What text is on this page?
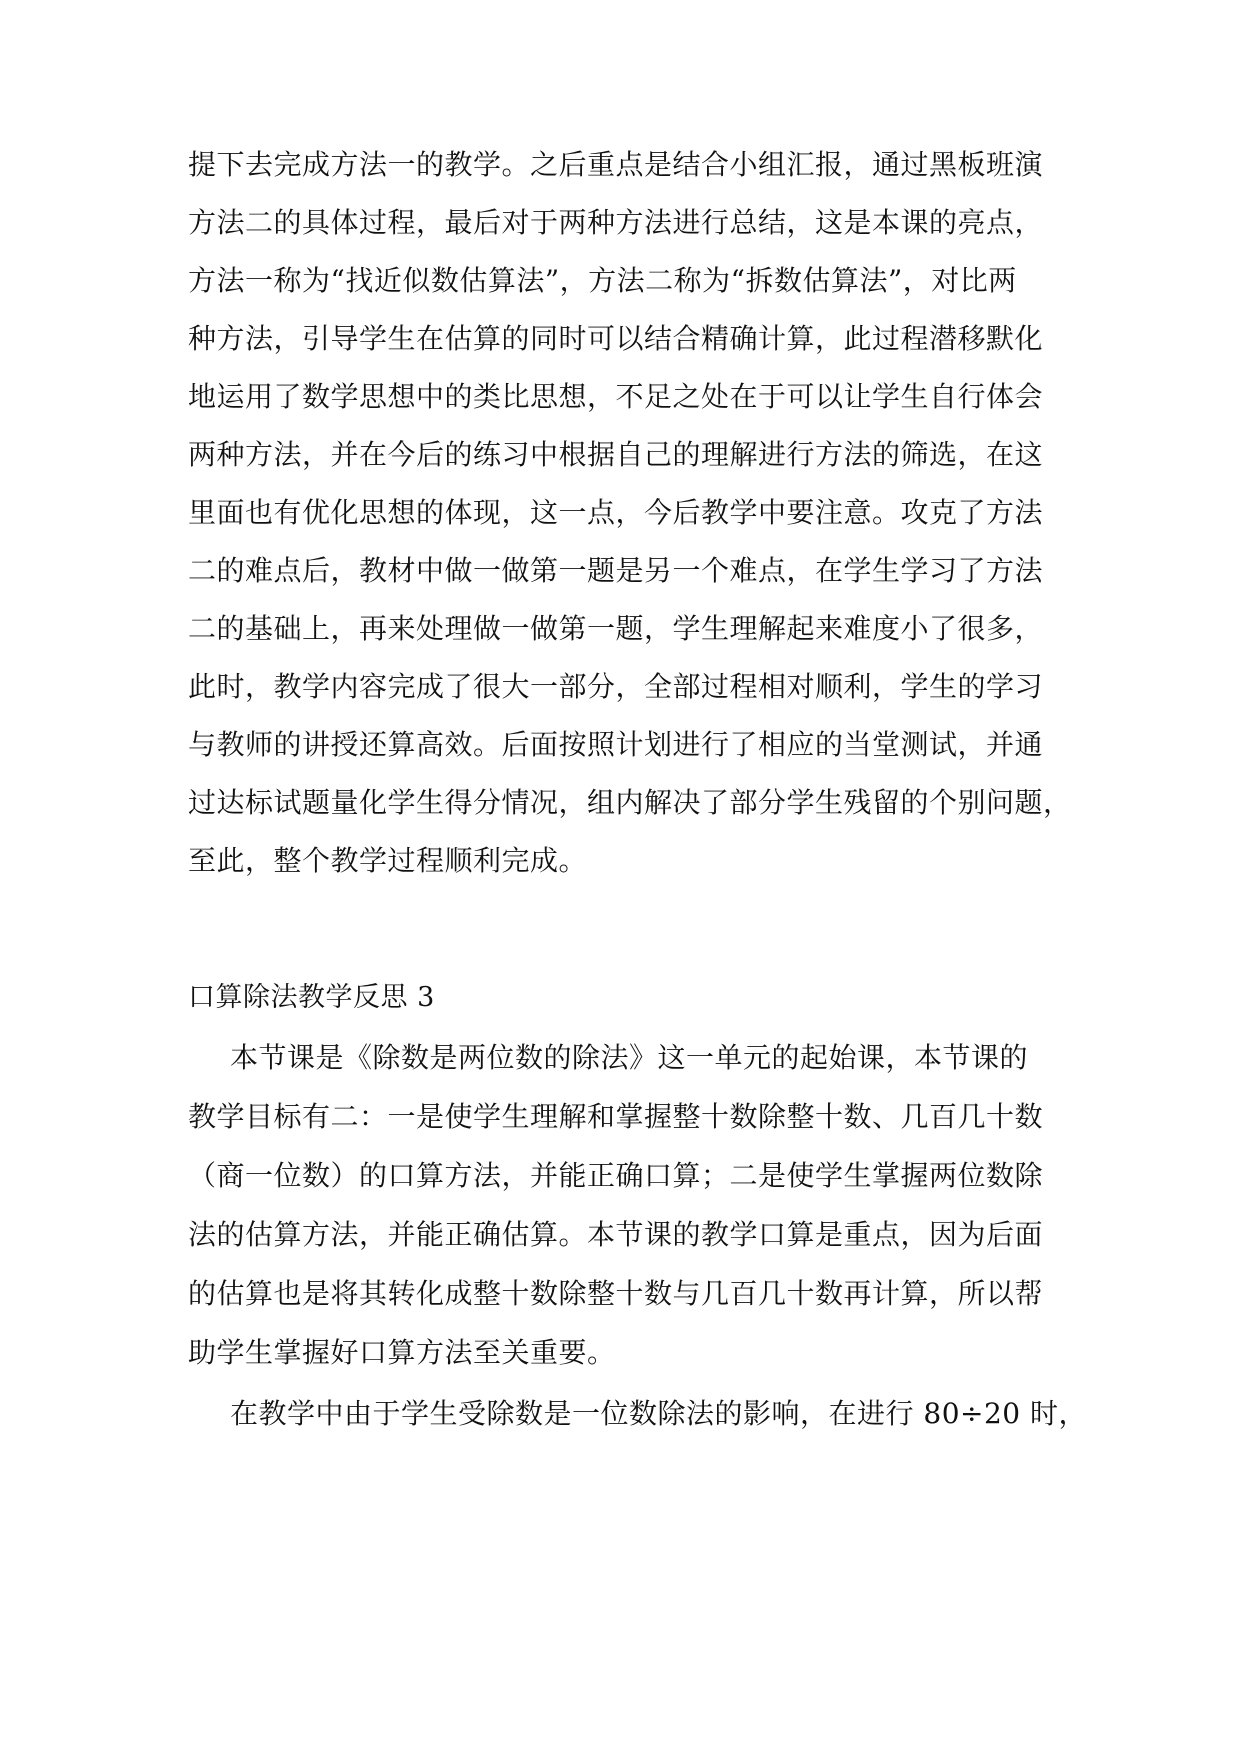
提下去完成方法一的教学。之后重点是结合小组汇报，通过黑板班演
方法二的具体过程，最后对于两种方法进行总结，这是本课的亮点，
方法一称为“找近似数估算法”，方法二称为“拆数估算法”，对比两
种方法，引导学生在估算的同时可以结合精确计算，此过程潜移默化
地运用了数学思想中的类比思想，不足之处在于可以让学生自行体会
两种方法，并在今后的练习中根据自己的理解进行方法的筛选，在这
里面也有优化思想的体现，这一点，今后教学中要注意。攻克了方法
二的难点后，教材中做一做第一题是另一个难点，在学生学习了方法
二的基础上，再来处理做一做第一题，学生理解起来难度小了很多，
此时，教学内容完成了很大一部分，全部过程相对顺利，学生的学习
与教师的讲授还算高效。后面按照计划进行了相应的当堂测试，并通
过达标试题量化学生得分情况，组内解决了部分学生残留的个别问题，
至此，整个教学过程顺利完成。
口算除法教学反思 3
本节课是《除数是两位数的除法》这一单元的起始课，本节课的
教学目标有二：一是使学生理解和掌握整十数除整十数、几百几十数
（商一位数）的口算方法，并能正确口算；二是使学生掌握两位数除
法的估算方法，并能正确估算。本节课的教学口算是重点，因为后面
的估算也是将其转化成整十数除整十数与几百几十数再计算，所以帮
助学生掌握好口算方法至关重要。
在教学中由于学生受除数是一位数除法的影响，在进行 80÷20 时，
